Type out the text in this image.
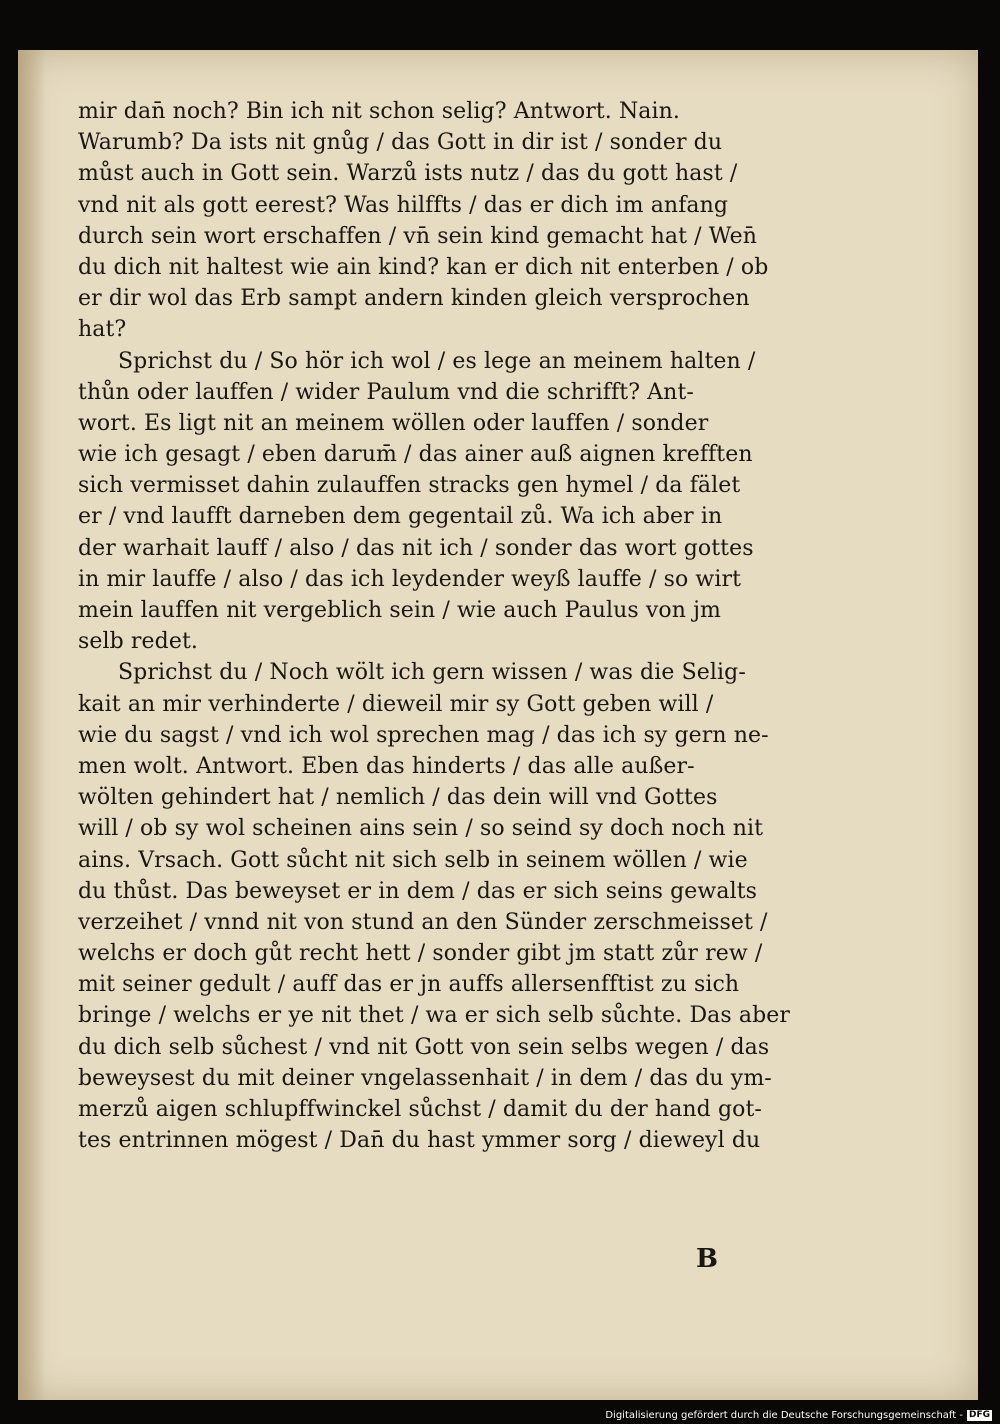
mir dan̄ noch? Bin ich nit schon selig? Antwort. Nain.
Warumb? Da ists nit gnůg / das Gott in dir ist / sonder du
můst auch in Gott sein. Warzů ists nutz / das du gott hast /
vnd nit als gott eerest? Was hilffts / das er dich im anfang
durch sein wort erschaffen / vn̄ sein kind gemacht hat / Wen̄
du dich nit haltest wie ain kind? kan er dich nit enterben / ob
er dir wol das Erb sampt andern kinden gleich versprochen
hat?
Sprichst du / So hör ich wol / es lege an meinem halten /
thůn oder lauffen / wider Paulum vnd die schrifft? Ant-
wort. Es ligt nit an meinem wöllen oder lauffen / sonder
wie ich gesagt / eben darum̄ / das ainer auß aignen krefften
sich vermisset dahin zulauffen stracks gen hymel / da fälet
er / vnd laufft darneben dem gegentail zů. Wa ich aber in
der warhait lauff / also / das nit ich / sonder das wort gottes
in mir lauffe / also / das ich leydender weyß lauffe / so wirt
mein lauffen nit vergeblich sein / wie auch Paulus von jm
selb redet.
Sprichst du / Noch wölt ich gern wissen / was die Selig-
kait an mir verhinderte / dieweil mir sy Gott geben will /
wie du sagst / vnd ich wol sprechen mag / das ich sy gern ne-
men wolt. Antwort. Eben das hinderts / das alle außer-
wölten gehindert hat / nemlich / das dein will vnd Gottes
will / ob sy wol scheinen ains sein / so seind sy doch noch nit
ains. Vrsach. Gott sůcht nit sich selb in seinem wöllen / wie
du thůst. Das beweyset er in dem / das er sich seins gewalts
verzeihet / vnnd nit von stund an den Sünder zerschmeisset /
welchs er doch gůt recht hett / sonder gibt jm statt zůr rew /
mit seiner gedult / auff das er jn auffs allersenfftist zu sich
bringe / welchs er ye nit thet / wa er sich selb sůchte. Das aber
du dich selb sůchest / vnd nit Gott von sein selbs wegen / das
beweysest du mit deiner vngelassenhait / in dem / das du ym-
merzů aigen schlupffwinckel sůchst / damit du der hand got-
tes entrinnen mögest / Dan̄ du hast ymmer sorg / dieweyl du
B
Digitalisierung gefördert durch die Deutsche Forschungsgemeinschaft - DFG
